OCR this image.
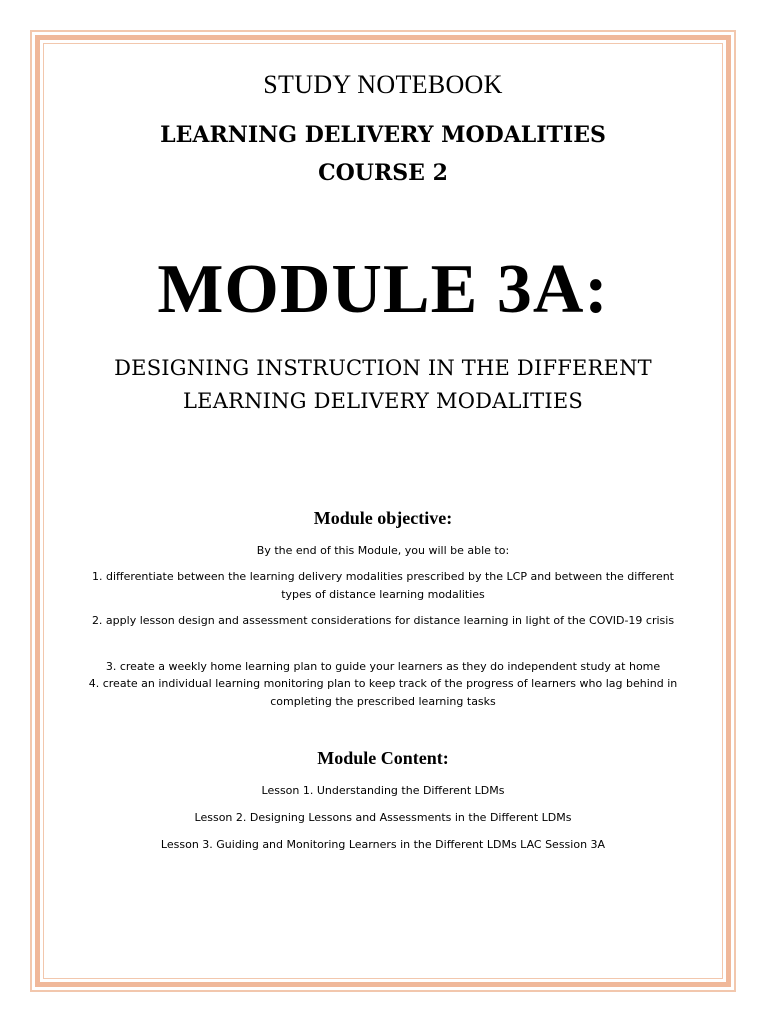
STUDY NOTEBOOK
LEARNING DELIVERY MODALITIES
COURSE 2
MODULE 3A:
DESIGNING INSTRUCTION IN THE DIFFERENT
LEARNING DELIVERY MODALITIES
Module objective:
By the end of this Module, you will be able to:
1. differentiate between the learning delivery modalities prescribed by the LCP and between the different types of distance learning modalities
2. apply lesson design and assessment considerations for distance learning in light of the COVID-19 crisis
3. create a weekly home learning plan to guide your learners as they do independent study at home
4. create an individual learning monitoring plan to keep track of the progress of learners who lag behind in completing the prescribed learning tasks
Module Content:
Lesson 1. Understanding the Different LDMs
Lesson 2. Designing Lessons and Assessments in the Different LDMs
Lesson 3. Guiding and Monitoring Learners in the Different LDMs LAC Session 3A
